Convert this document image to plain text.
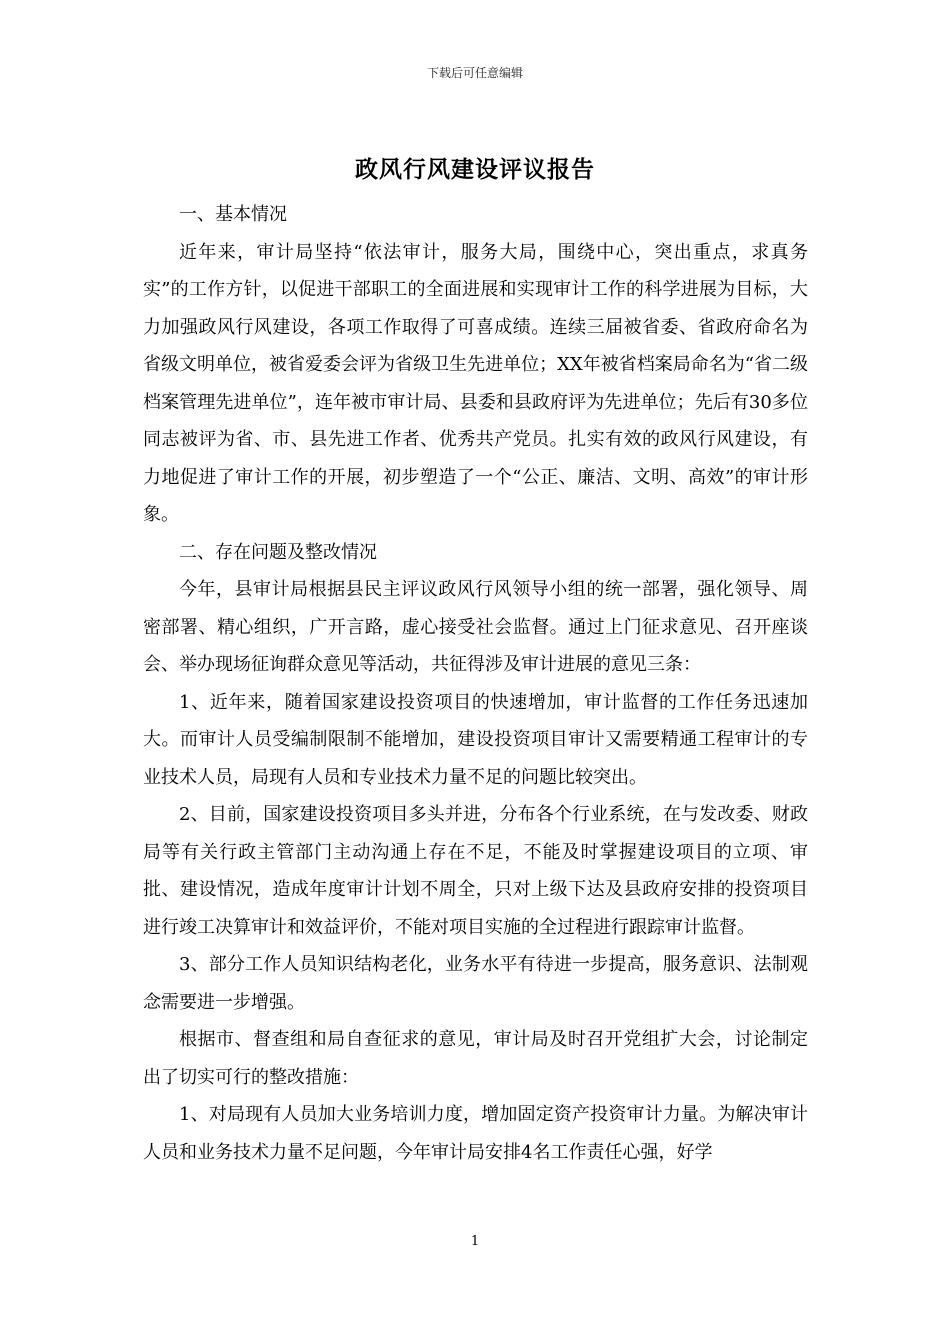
下载后可任意编辑
政风行风建设评议报告

一、基本情况

近年来，审计局坚持“依法审计，服务大局，围绕中心，突出重点，求真务实”的工作方针，以促进干部职工的全面进展和实现审计工作的科学进展为目标，大力加强政风行风建设，各项工作取得了可喜成绩。连续三届被省委、省政府命名为省级文明单位，被省爱委会评为省级卫生先进单位；XX年被省档案局命名为“省二级档案管理先进单位”，连年被市审计局、县委和县政府评为先进单位；先后有30多位同志被评为省、市、县先进工作者、优秀共产党员。扎实有效的政风行风建设，有力地促进了审计工作的开展，初步塑造了一个“公正、廉洁、文明、高效”的审计形象。

二、存在问题及整改情况

今年，县审计局根据县民主评议政风行风领导小组的统一部署，强化领导、周密部署、精心组织，广开言路，虚心接受社会监督。通过上门征求意见、召开座谈会、举办现场征询群众意见等活动，共征得涉及审计进展的意见三条：

1、近年来，随着国家建设投资项目的快速增加，审计监督的工作任务迅速加大。而审计人员受编制限制不能增加，建设投资项目审计又需要精通工程审计的专业技术人员，局现有人员和专业技术力量不足的问题比较突出。

2、目前，国家建设投资项目多头并进，分布各个行业系统，在与发改委、财政局等有关行政主管部门主动沟通上存在不足，不能及时掌握建设项目的立项、审批、建设情况，造成年度审计计划不周全，只对上级下达及县政府安排的投资项目进行竣工决算审计和效益评价，不能对项目实施的全过程进行跟踪审计监督。

3、部分工作人员知识结构老化，业务水平有待进一步提高，服务意识、法制观念需要进一步增强。

根据市、督查组和局自查征求的意见，审计局及时召开党组扩大会，讨论制定出了切实可行的整改措施：

1、对局现有人员加大业务培训力度，增加固定资产投资审计力量。为解决审计人员和业务技术力量不足问题，今年审计局安排4名工作责任心强，好学

1
